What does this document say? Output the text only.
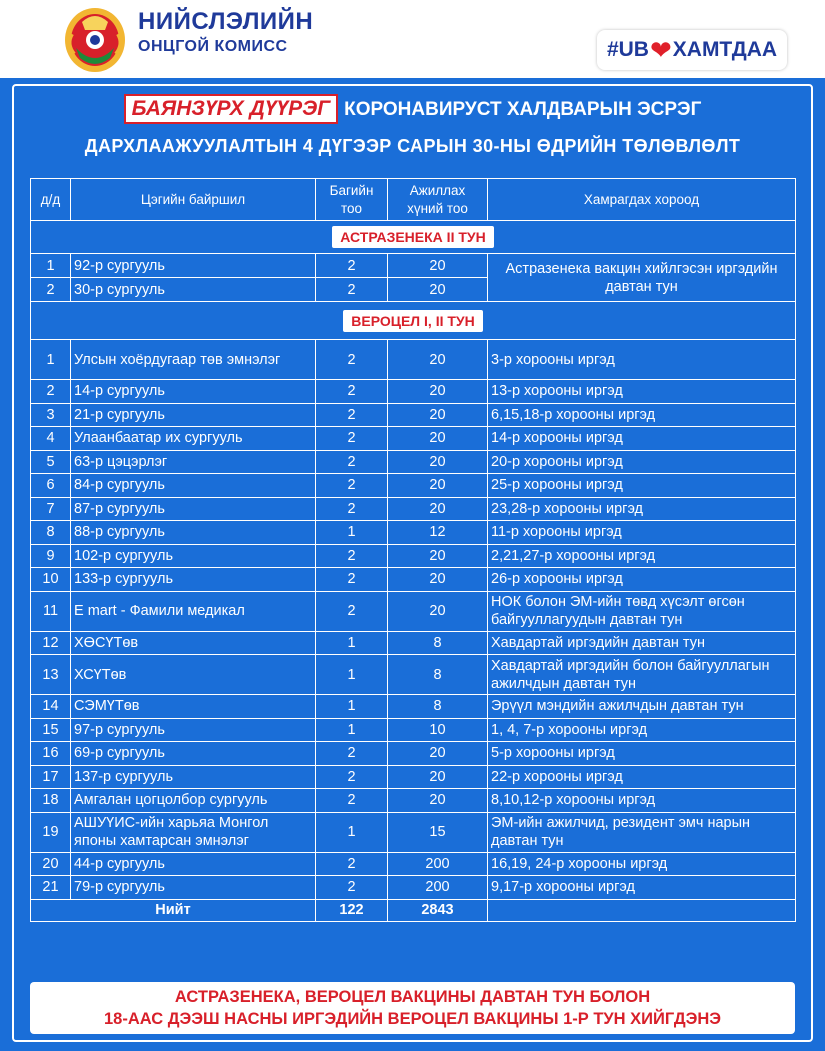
НИЙСЛЭЛИЙН
ОНЦГОЙ КОМИСС	#UB ❤ ХАМТДАА
БАЯНЗҮРХ ДҮҮРЭГ КОРОНАВИРУСТ ХАЛДВАРЫН ЭСРЭГ
ДАРХЛААЖУУЛАЛТЫН 4 ДҮГЭЭР САРЫН 30-НЫ ӨДРИЙН ТӨЛӨВЛӨЛТ
д/д	Цэгийн байршил	Багийн тоо	Ажиллах хүний тоо	Хамрагдах хороод
АСТРАЗЕНЕКА II ТУН				
1	92-р сургууль	2	20	Астразенека вакцин хийлгэсэн иргэдийн давтан тун
2	30-р сургууль	2	20	
ВЕРОЦЕЛ I, II ТУН				
1	Улсын хоёрдугаар төв эмнэлэг	2	20	3-р хорооны иргэд
2	14-р сургууль	2	20	13-р хорооны иргэд
3	21-р сургууль	2	20	6,15,18-р хорооны иргэд
4	Улаанбаатар их сургууль	2	20	14-р хорооны иргэд
5	63-р цэцэрлэг	2	20	20-р хорооны иргэд
6	84-р сургууль	2	20	25-р хорооны иргэд
7	87-р сургууль	2	20	23,28-р хорооны иргэд
8	88-р сургууль	1	12	11-р хорооны иргэд
9	102-р сургууль	2	20	2,21,27-р хорооны иргэд
10	133-р сургууль	2	20	26-р хорооны иргэд
11	E mart - Фамили медикал	2	20	НОК болон ЭМ-ийн төвд хүсэлт өгсөн байгууллагуудын давтан тун
12	ХӨСҮТөв	1	8	Хавдартай иргэдийн давтан тун
13	ХСҮТөв	1	8	Хавдартай иргэдийн болон байгууллагын ажилчдын давтан тун
14	СЭМҮТөв	1	8	Эрүүл мэндийн ажилчдын давтан тун
15	97-р сургууль	1	10	1, 4, 7-р хорооны иргэд
16	69-р сургууль	2	20	5-р хорооны иргэд
17	137-р сургууль	2	20	22-р хорооны иргэд
18	Амгалан цогцолбор сургууль	2	20	8,10,12-р хорооны иргэд
19	АШУҮИС-ийн харьяа Монгол японы хамтарсан эмнэлэг	1	15	ЭМ-ийн ажилчид, резидент эмч нарын давтан тун
20	44-р сургууль	2	200	16,19, 24-р хорооны иргэд
21	79-р сургууль	2	200	9,17-р хорооны иргэд
Нийт		122	2843	
АСТРАЗЕНЕКА, ВЕРОЦЕЛ ВАКЦИНЫ ДАВТАН ТУН БОЛОН
18-ААС ДЭЭШ НАСНЫ ИРГЭДИЙН ВЕРОЦЕЛ ВАКЦИНЫ 1-Р ТУН ХИЙГДЭНЭ
